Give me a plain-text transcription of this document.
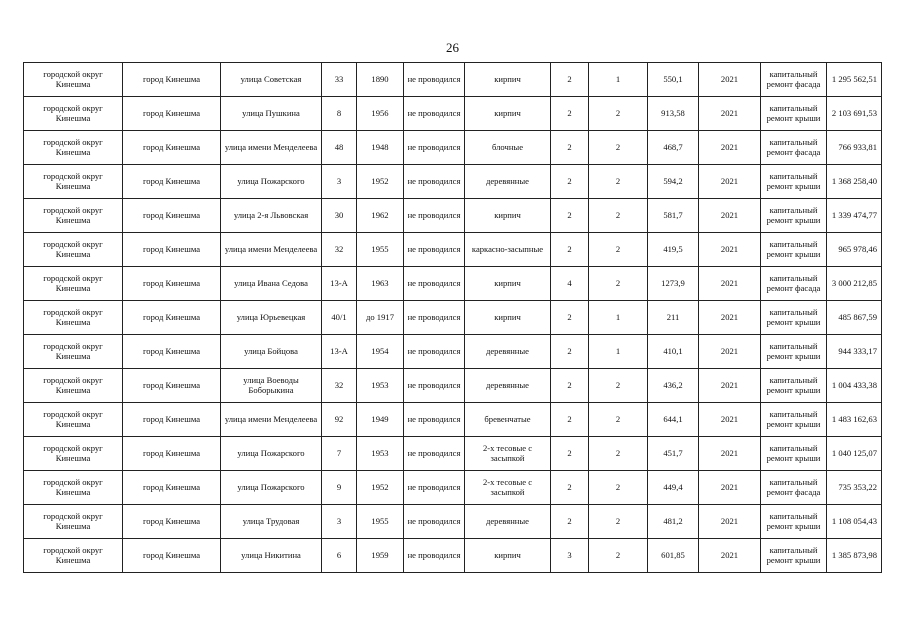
26
городской округ Кинешма	город Кинешма	улица Советская	33	1890	не проводился	кирпич	2	1	550,1	2021	капитальный ремонт фасада	1 295 562,51
городской округ Кинешма	город Кинешма	улица Пушкина	8	1956	не проводился	кирпич	2	2	913,58	2021	капитальный ремонт крыши	2 103 691,53
городской округ Кинешма	город Кинешма	улица имени Менделеева	48	1948	не проводился	блочные	2	2	468,7	2021	капитальный ремонт фасада	766 933,81
городской округ Кинешма	город Кинешма	улица Пожарского	3	1952	не проводился	деревянные	2	2	594,2	2021	капитальный ремонт крыши	1 368 258,40
городской округ Кинешма	город Кинешма	улица 2-я Львовская	30	1962	не проводился	кирпич	2	2	581,7	2021	капитальный ремонт крыши	1 339 474,77
городской округ Кинешма	город Кинешма	улица имени Менделеева	32	1955	не проводился	каркасно-засыпные	2	2	419,5	2021	капитальный ремонт крыши	965 978,46
городской округ Кинешма	город Кинешма	улица Ивана Седова	13-А	1963	не проводился	кирпич	4	2	1273,9	2021	капитальный ремонт фасада	3 000 212,85
городской округ Кинешма	город Кинешма	улица Юрьевецкая	40/1	до 1917	не проводился	кирпич	2	1	211	2021	капитальный ремонт крыши	485 867,59
городской округ Кинешма	город Кинешма	улица Бойцова	13-А	1954	не проводился	деревянные	2	1	410,1	2021	капитальный ремонт крыши	944 333,17
городской округ Кинешма	город Кинешма	улица Воеводы Боборыкина	32	1953	не проводился	деревянные	2	2	436,2	2021	капитальный ремонт крыши	1 004 433,38
городской округ Кинешма	город Кинешма	улица имени Менделеева	92	1949	не проводился	бревенчатые	2	2	644,1	2021	капитальный ремонт крыши	1 483 162,63
городской округ Кинешма	город Кинешма	улица Пожарского	7	1953	не проводился	2-х тесовые с засыпкой	2	2	451,7	2021	капитальный ремонт крыши	1 040 125,07
городской округ Кинешма	город Кинешма	улица Пожарского	9	1952	не проводился	2-х тесовые с засыпкой	2	2	449,4	2021	капитальный ремонт фасада	735 353,22
городской округ Кинешма	город Кинешма	улица Трудовая	3	1955	не проводился	деревянные	2	2	481,2	2021	капитальный ремонт крыши	1 108 054,43
городской округ Кинешма	город Кинешма	улица Никитина	6	1959	не проводился	кирпич	3	2	601,85	2021	капитальный ремонт крыши	1 385 873,98
